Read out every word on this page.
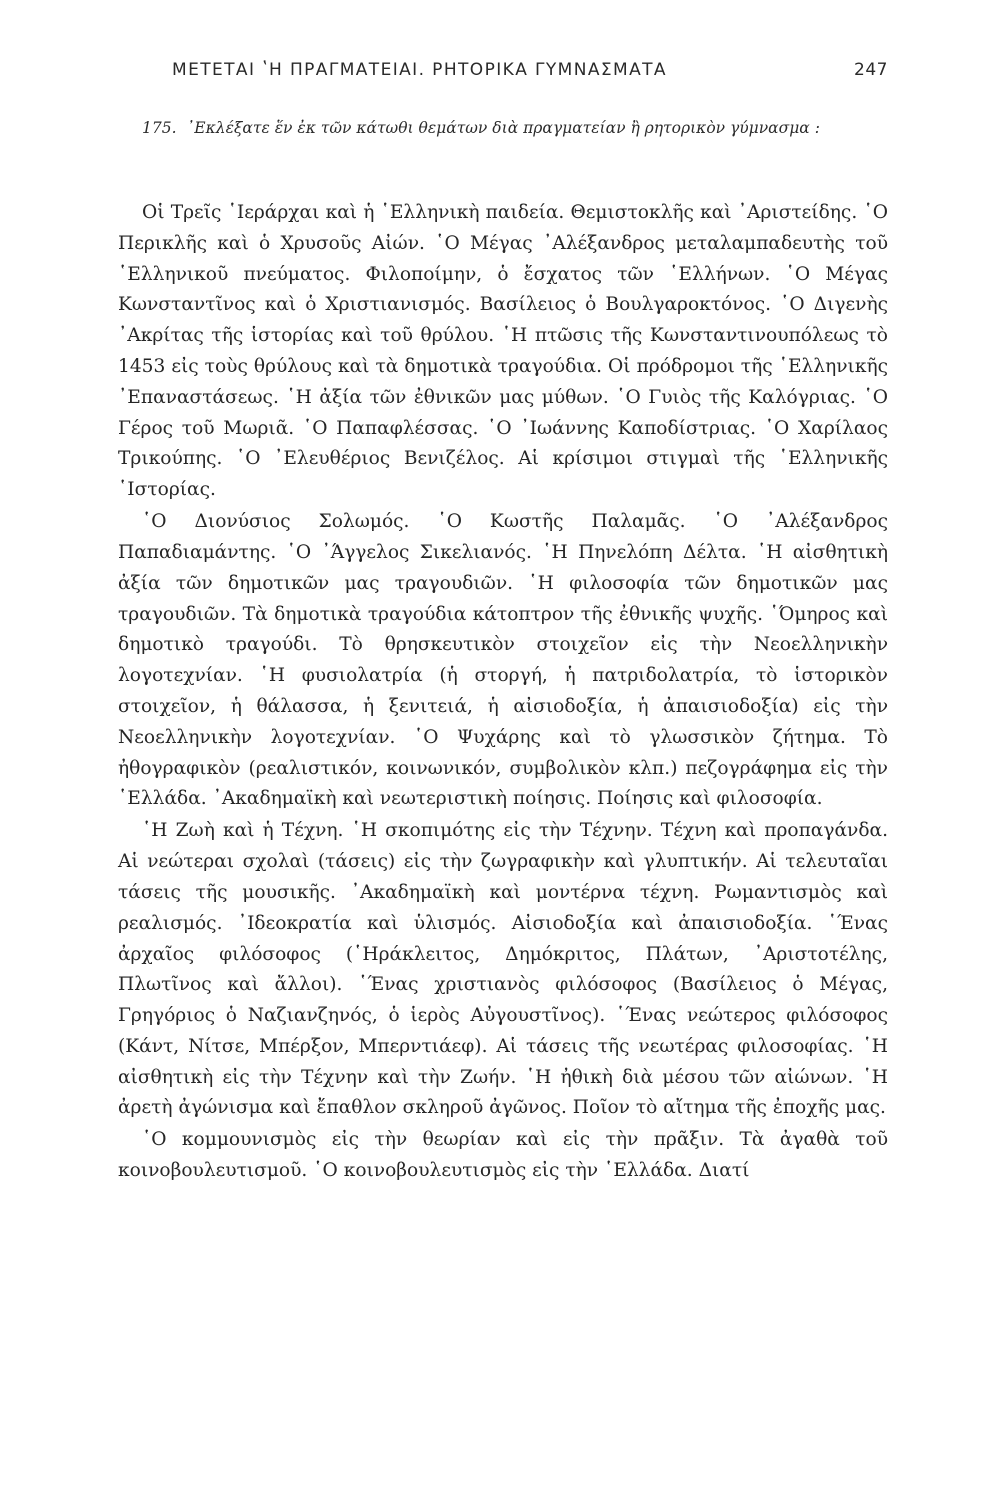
ΜΕΤΕΤΑΙ ʽΗ ΠΡΑΓΜΑΤΕΙΑΙ. ΡΗΤΟΡΙΚΑ ΓΥΜΝΑΣΜΑΤΑ	247
175. ᾽Εκλέξατε ἕν ἐκ τῶν κάτωθι θεμάτων διὰ πραγματείαν ἢ ρητορικὸν γύμνασμα :

Οἱ Τρεῖς ῾Ιεράρχαι καὶ ἡ ῾Ελληνικὴ παιδεία. Θεμιστοκλῆς καὶ ᾿Αριστείδης. ῾Ο Περικλῆς καὶ ὁ Χρυσοῦς Αἰών. ῾Ο Μέγας ᾿Αλέξανδρος μεταλαμπαδευτὴς τοῦ ῾Ελληνικοῦ πνεύματος. Φιλοποίμην, ὁ ἔσχατος τῶν ῾Ελλήνων. ῾Ο Μέγας Κωνσταντῖνος καὶ ὁ Χριστιανισμός. Βασίλειος ὁ Βουλγαροκτόνος. ῾Ο Διγενὴς ᾿Ακρίτας τῆς ἱστορίας καὶ τοῦ θρύλου. ῾Η πτῶσις τῆς Κωνσταντινουπόλεως τὸ 1453 εἰς τοὺς θρύλους καὶ τὰ δημοτικὰ τραγούδια. Οἱ πρόδρομοι τῆς ῾Ελληνικῆς ᾿Επαναστάσεως. ῾Η ἀξία τῶν ἐθνικῶν μας μύθων. ῾Ο Γυιὸς τῆς Καλόγριας. ῾Ο Γέρος τοῦ Μωριᾶ. ῾Ο Παπαφλέσσας. ῾Ο ᾿Ιωάννης Καποδίστριας. ῾Ο Χαρίλαος Τρικούπης. ῾Ο ᾿Ελευθέριος Βενιζέλος. Αἱ κρίσιμοι στιγμαὶ τῆς ῾Ελληνικῆς ῾Ιστορίας.

῾Ο Διονύσιος Σολωμός. ῾Ο Κωστῆς Παλαμᾶς. ῾Ο ᾿Αλέξανδρος Παπαδιαμάντης. ῾Ο ᾿Άγγελος Σικελιανός. ῾Η Πηνελόπη Δέλτα. ῾Η αἰσθητικὴ ἀξία τῶν δημοτικῶν μας τραγουδιῶν. ῾Η φιλοσοφία τῶν δημοτικῶν μας τραγουδιῶν. Τὰ δημοτικὰ τραγούδια κάτοπτρον τῆς ἐθνικῆς ψυχῆς. ῾Όμηρος καὶ δημοτικὸ τραγούδι. Τὸ θρησκευτικὸν στοιχεῖον εἰς τὴν Νεοελληνικὴν λογοτεχνίαν. ῾Η φυσιολατρία (ἡ στοργή, ἡ πατριδολατρία, τὸ ἱστορικὸν στοιχεῖον, ἡ θάλασσα, ἡ ξενιτειά, ἡ αἰσιοδοξία, ἡ ἀπαισιοδοξία) εἰς τὴν Νεοελληνικὴν λογοτεχνίαν. ῾Ο Ψυχάρης καὶ τὸ γλωσσικὸν ζήτημα. Τὸ ἠθογραφικὸν (ρεαλιστικόν, κοινωνικόν, συμβολικὸν κλπ.) πεζογράφημα εἰς τὴν ῾Ελλάδα. ᾿Ακαδημαϊκὴ καὶ νεωτεριστικὴ ποίησις. Ποίησις καὶ φιλοσοφία.

῾Η Ζωὴ καὶ ἡ Τέχνη. ῾Η σκοπιμότης εἰς τὴν Τέχνην. Τέχνη καὶ προπαγάνδα. Αἱ νεώτεραι σχολαὶ (τάσεις) εἰς τὴν ζωγραφικὴν καὶ γλυπτικήν. Αἱ τελευταῖαι τάσεις τῆς μουσικῆς. ᾿Ακαδημαϊκὴ καὶ μοντέρνα τέχνη. Ρωμαντισμὸς καὶ ρεαλισμός. ᾿Ιδεοκρατία καὶ ὑλισμός. Αἰσιοδοξία καὶ ἀπαισιοδοξία. ῾Ένας ἀρχαῖος φιλόσοφος (῾Ηράκλειτος, Δημόκριτος, Πλάτων, ᾿Αριστοτέλης, Πλωτῖνος καὶ ἄλλοι). ῾Ένας χριστιανὸς φιλόσοφος (Βασίλειος ὁ Μέγας, Γρηγόριος ὁ Ναζιανζηνός, ὁ ἱερὸς Αὐγουστῖνος). ῾Ένας νεώτερος φιλόσοφος (Κάντ, Νίτσε, Μπέρξον, Μπερντιάεφ). Αἱ τάσεις τῆς νεωτέρας φιλοσοφίας. ῾Η αἰσθητικὴ εἰς τὴν Τέχνην καὶ τὴν Ζωήν. ῾Η ἠθικὴ διὰ μέσου τῶν αἰώνων. ῾Η ἀρετὴ ἀγώνισμα καὶ ἔπαθλον σκληροῦ ἀγῶνος. Ποῖον τὸ αἴτημα τῆς ἐποχῆς μας.

῾Ο κομμουνισμὸς εἰς τὴν θεωρίαν καὶ εἰς τὴν πρᾶξιν. Τὰ ἀγαθὰ τοῦ κοινοβουλευτισμοῦ. ῾Ο κοινοβουλευτισμὸς εἰς τὴν ῾Ελλάδα. Διατί
